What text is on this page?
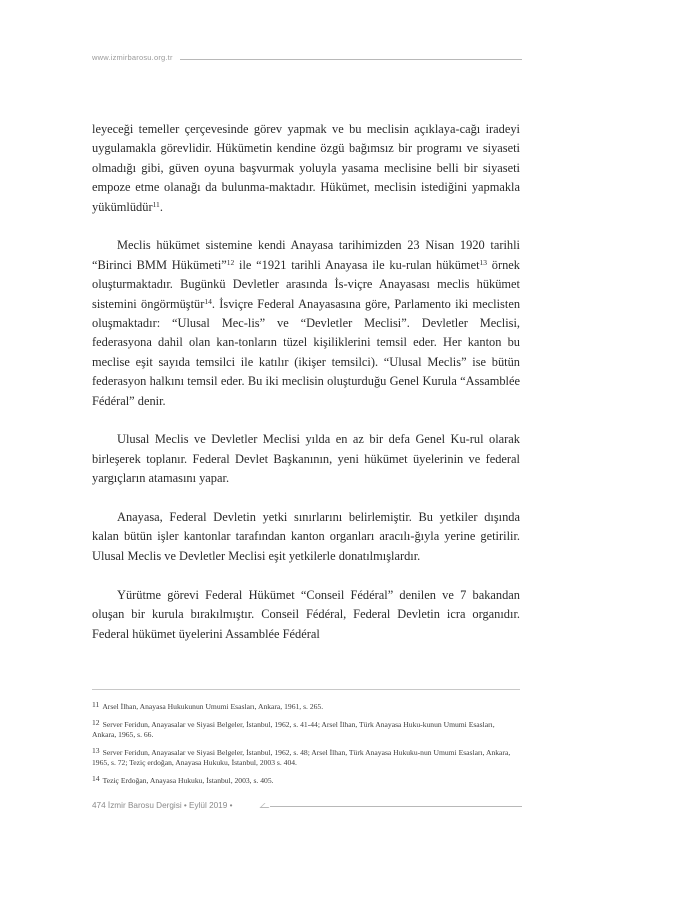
www.izmirbarosu.org.tr

leyeceği temeller çerçevesinde görev yapmak ve bu meclisin açıklaya-cağı iradeyi uygulamakla görevlidir. Hükümetin kendine özgü bağımsız bir programı ve siyaseti olmadığı gibi, güven oyuna başvurmak yoluyla yasama meclisine belli bir siyaseti empoze etme olanağı da bulunma-maktadır. Hükümet, meclisin istediğini yapmakla yükümlüdür$^{11}$.

Meclis hükümet sistemine kendi Anayasa tarihimizden 23 Nisan 1920 tarihli “Birinci BMM Hükümeti”$^{12}$ ile “1921 tarihli Anayasa ile ku-rulan hükümet$^{13}$ örnek oluşturmaktadır. Bugünkü Devletler arasında İs-viçre Anayasası meclis hükümet sistemini öngörmüştür$^{14}$. İsviçre Federal Anayasasına göre, Parlamento iki meclisten oluşmaktadır: “Ulusal Mec-lis” ve “Devletler Meclisi”. Devletler Meclisi, federasyona dahil olan kan-tonların tüzel kişiliklerini temsil eder. Her kanton bu meclise eşit sayıda temsilci ile katılır (ikişer temsilci). “Ulusal Meclis” ise bütün federasyon halkını temsil eder. Bu iki meclisin oluşturduğu Genel Kurula “Assamblée Fédéral” denir.

Ulusal Meclis ve Devletler Meclisi yılda en az bir defa Genel Ku-rul olarak birleşerek toplanır. Federal Devlet Başkanının, yeni hükümet üyelerinin ve federal yargıçların atamasını yapar.

Anayasa, Federal Devletin yetki sınırlarını belirlemiştir. Bu yetkiler dışında kalan bütün işler kantonlar tarafından kanton organları aracılı-ğıyla yerine getirilir. Ulusal Meclis ve Devletler Meclisi eşit yetkilerle donatılmışlardır.

Yürütme görevi Federal Hükümet “Conseil Fédéral” denilen ve 7 bakandan oluşan bir kurula bırakılmıştır. Conseil Fédéral, Federal Devletin icra organıdır. Federal hükümet üyelerini Assamblée Fédéral

11 Arsel İlhan, Anayasa Hukukunun Umumi Esasları, Ankara, 1961, s. 265.
12 Server Feridun, Anayasalar ve Siyasi Belgeler, İstanbul, 1962, s. 41-44; Arsel İlhan, Türk Anayasa Huku-kunun Umumi Esasları, Ankara, 1965, s. 66.
13 Server Feridun, Anayasalar ve Siyasi Belgeler, İstanbul, 1962, s. 48; Arsel İlhan, Türk Anayasa Hukuku-nun Umumi Esasları, Ankara, 1965, s. 72; Teziç erdoğan, Anayasa Hukuku, İstanbul, 2003 s. 404.
14 Teziç Erdoğan, Anayasa Hukuku, İstanbul, 2003, s. 405.
474 İzmir Barosu Dergisi • Eylül 2019 •
